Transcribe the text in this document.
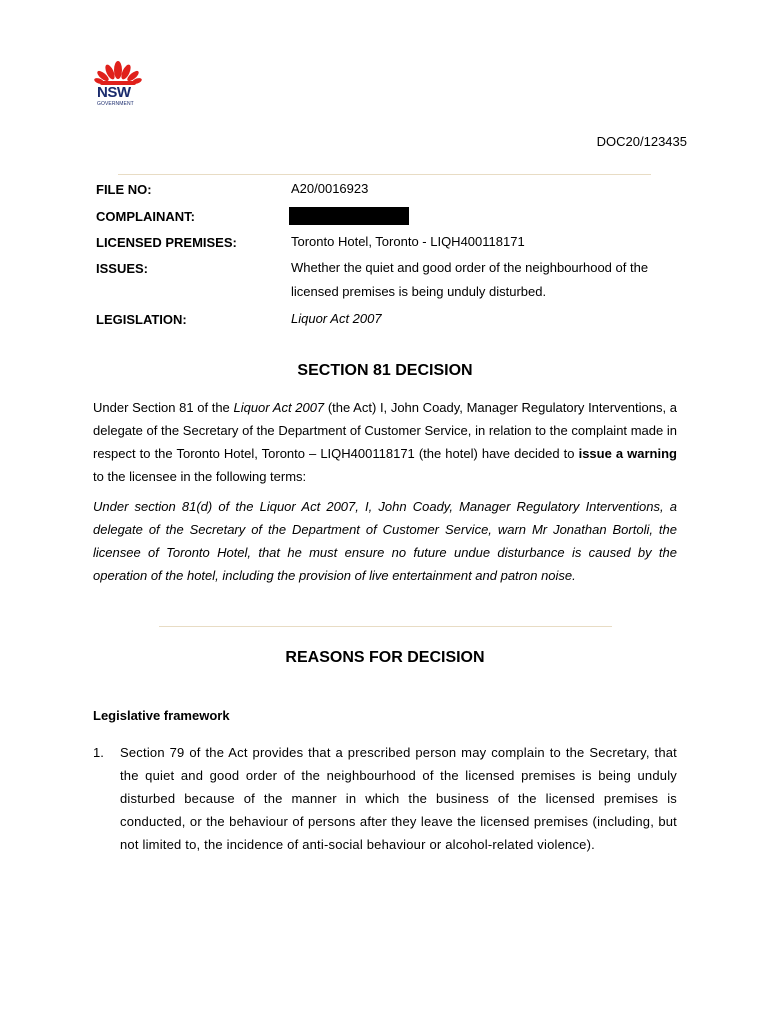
NSW
GOVERNMENT
DOC20/123435
FILE NO:	A20/0016923
COMPLAINANT:
LICENSED PREMISES:	Toronto Hotel, Toronto - LIQH400118171
ISSUES:	Whether the quiet and good order of the neighbourhood of the licensed premises is being unduly disturbed.
LEGISLATION:	Liquor Act 2007
SECTION 81 DECISION

Under Section 81 of the Liquor Act 2007 (the Act) I, John Coady, Manager Regulatory Interventions, a delegate of the Secretary of the Department of Customer Service, in relation to the complaint made in respect to the Toronto Hotel, Toronto – LIQH400118171 (the hotel) have decided to issue a warning to the licensee in the following terms:

Under section 81(d) of the Liquor Act 2007, I, John Coady, Manager Regulatory Interventions, a delegate of the Secretary of the Department of Customer Service, warn Mr Jonathan Bortoli, the licensee of Toronto Hotel, that he must ensure no future undue disturbance is caused by the operation of the hotel, including the provision of live entertainment and patron noise.

REASONS FOR DECISION
Legislative framework
1. Section 79 of the Act provides that a prescribed person may complain to the Secretary, that the quiet and good order of the neighbourhood of the licensed premises is being unduly disturbed because of the manner in which the business of the licensed premises is conducted, or the behaviour of persons after they leave the licensed premises (including, but not limited to, the incidence of anti-social behaviour or alcohol-related violence).
